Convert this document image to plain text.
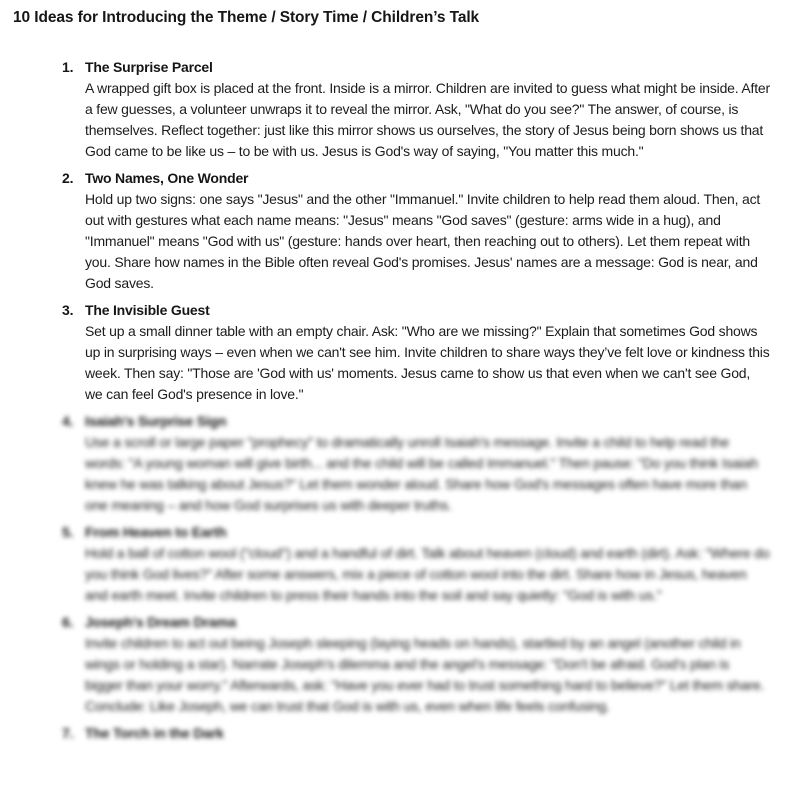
10 Ideas for Introducing the Theme / Story Time / Children’s Talk
1. The Surprise Parcel
A wrapped gift box is placed at the front. Inside is a mirror. Children are invited to guess what might be inside. After a few guesses, a volunteer unwraps it to reveal the mirror. Ask, "What do you see?" The answer, of course, is themselves. Reflect together: just like this mirror shows us ourselves, the story of Jesus being born shows us that God came to be like us – to be with us. Jesus is God's way of saying, "You matter this much."
2. Two Names, One Wonder
Hold up two signs: one says "Jesus" and the other "Immanuel." Invite children to help read them aloud. Then, act out with gestures what each name means: "Jesus" means "God saves" (gesture: arms wide in a hug), and "Immanuel" means "God with us" (gesture: hands over heart, then reaching out to others). Let them repeat with you. Share how names in the Bible often reveal God's promises. Jesus' names are a message: God is near, and God saves.
3. The Invisible Guest
Set up a small dinner table with an empty chair. Ask: "Who are we missing?" Explain that sometimes God shows up in surprising ways – even when we can't see him. Invite children to share ways they’ve felt love or kindness this week. Then say: "Those are 'God with us' moments. Jesus came to show us that even when we can't see God, we can feel God's presence in love."
4. Isaiah's Surprise Sign
Use a scroll or large paper "prophecy" to dramatically unroll Isaiah's message. Invite a child to help read the words: "A young woman will give birth... and the child will be called Immanuel." Then pause: "Do you think Isaiah knew he was talking about Jesus?" Let them wonder aloud. Share how God's messages often have more than one meaning – and how God surprises us with deeper truths.
5. From Heaven to Earth
Hold a ball of cotton wool ("cloud") and a handful of dirt. Talk about heaven (cloud) and earth (dirt). Ask: "Where do you think God lives?" After some answers, mix a piece of cotton wool into the dirt. Share how in Jesus, heaven and earth meet. Invite children to press their hands into the soil and say quietly: "God is with us."
6. Joseph's Dream Drama
Invite children to act out being Joseph sleeping (laying heads on hands), startled by an angel (another child in wings or holding a star). Narrate Joseph's dilemma and the angel's message: "Don't be afraid. God's plan is bigger than your worry." Afterwards, ask: "Have you ever had to trust something hard to believe?" Let them share. Conclude: Like Joseph, we can trust that God is with us, even when life feels confusing.
7. The Torch in the Dark
